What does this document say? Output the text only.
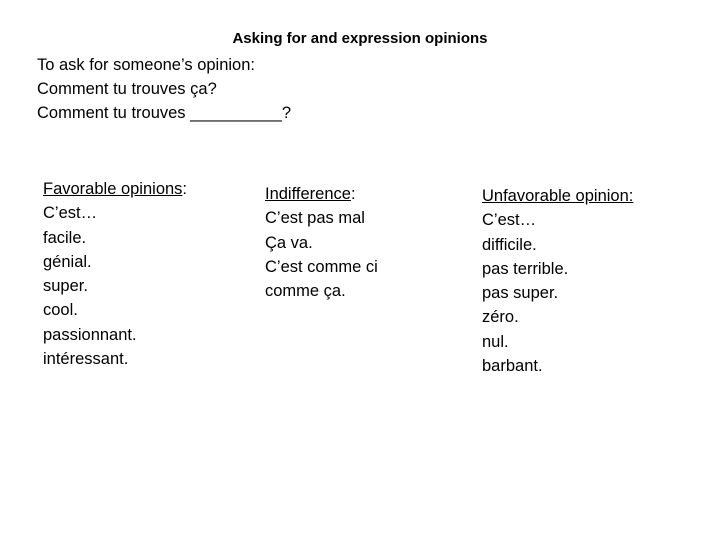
Asking for and expression opinions
To ask for someone’s opinion:
Comment tu trouves ça?
Comment tu trouves __________?
Favorable opinions:
C’est…
facile.
génial.
super.
cool.
passionnant.
intéressant.
Indifference:
C’est pas mal
Ça va.
C’est comme ci
comme ça.
Unfavorable opinion:
C’est…
difficile.
pas terrible.
pas super.
zéro.
nul.
barbant.
